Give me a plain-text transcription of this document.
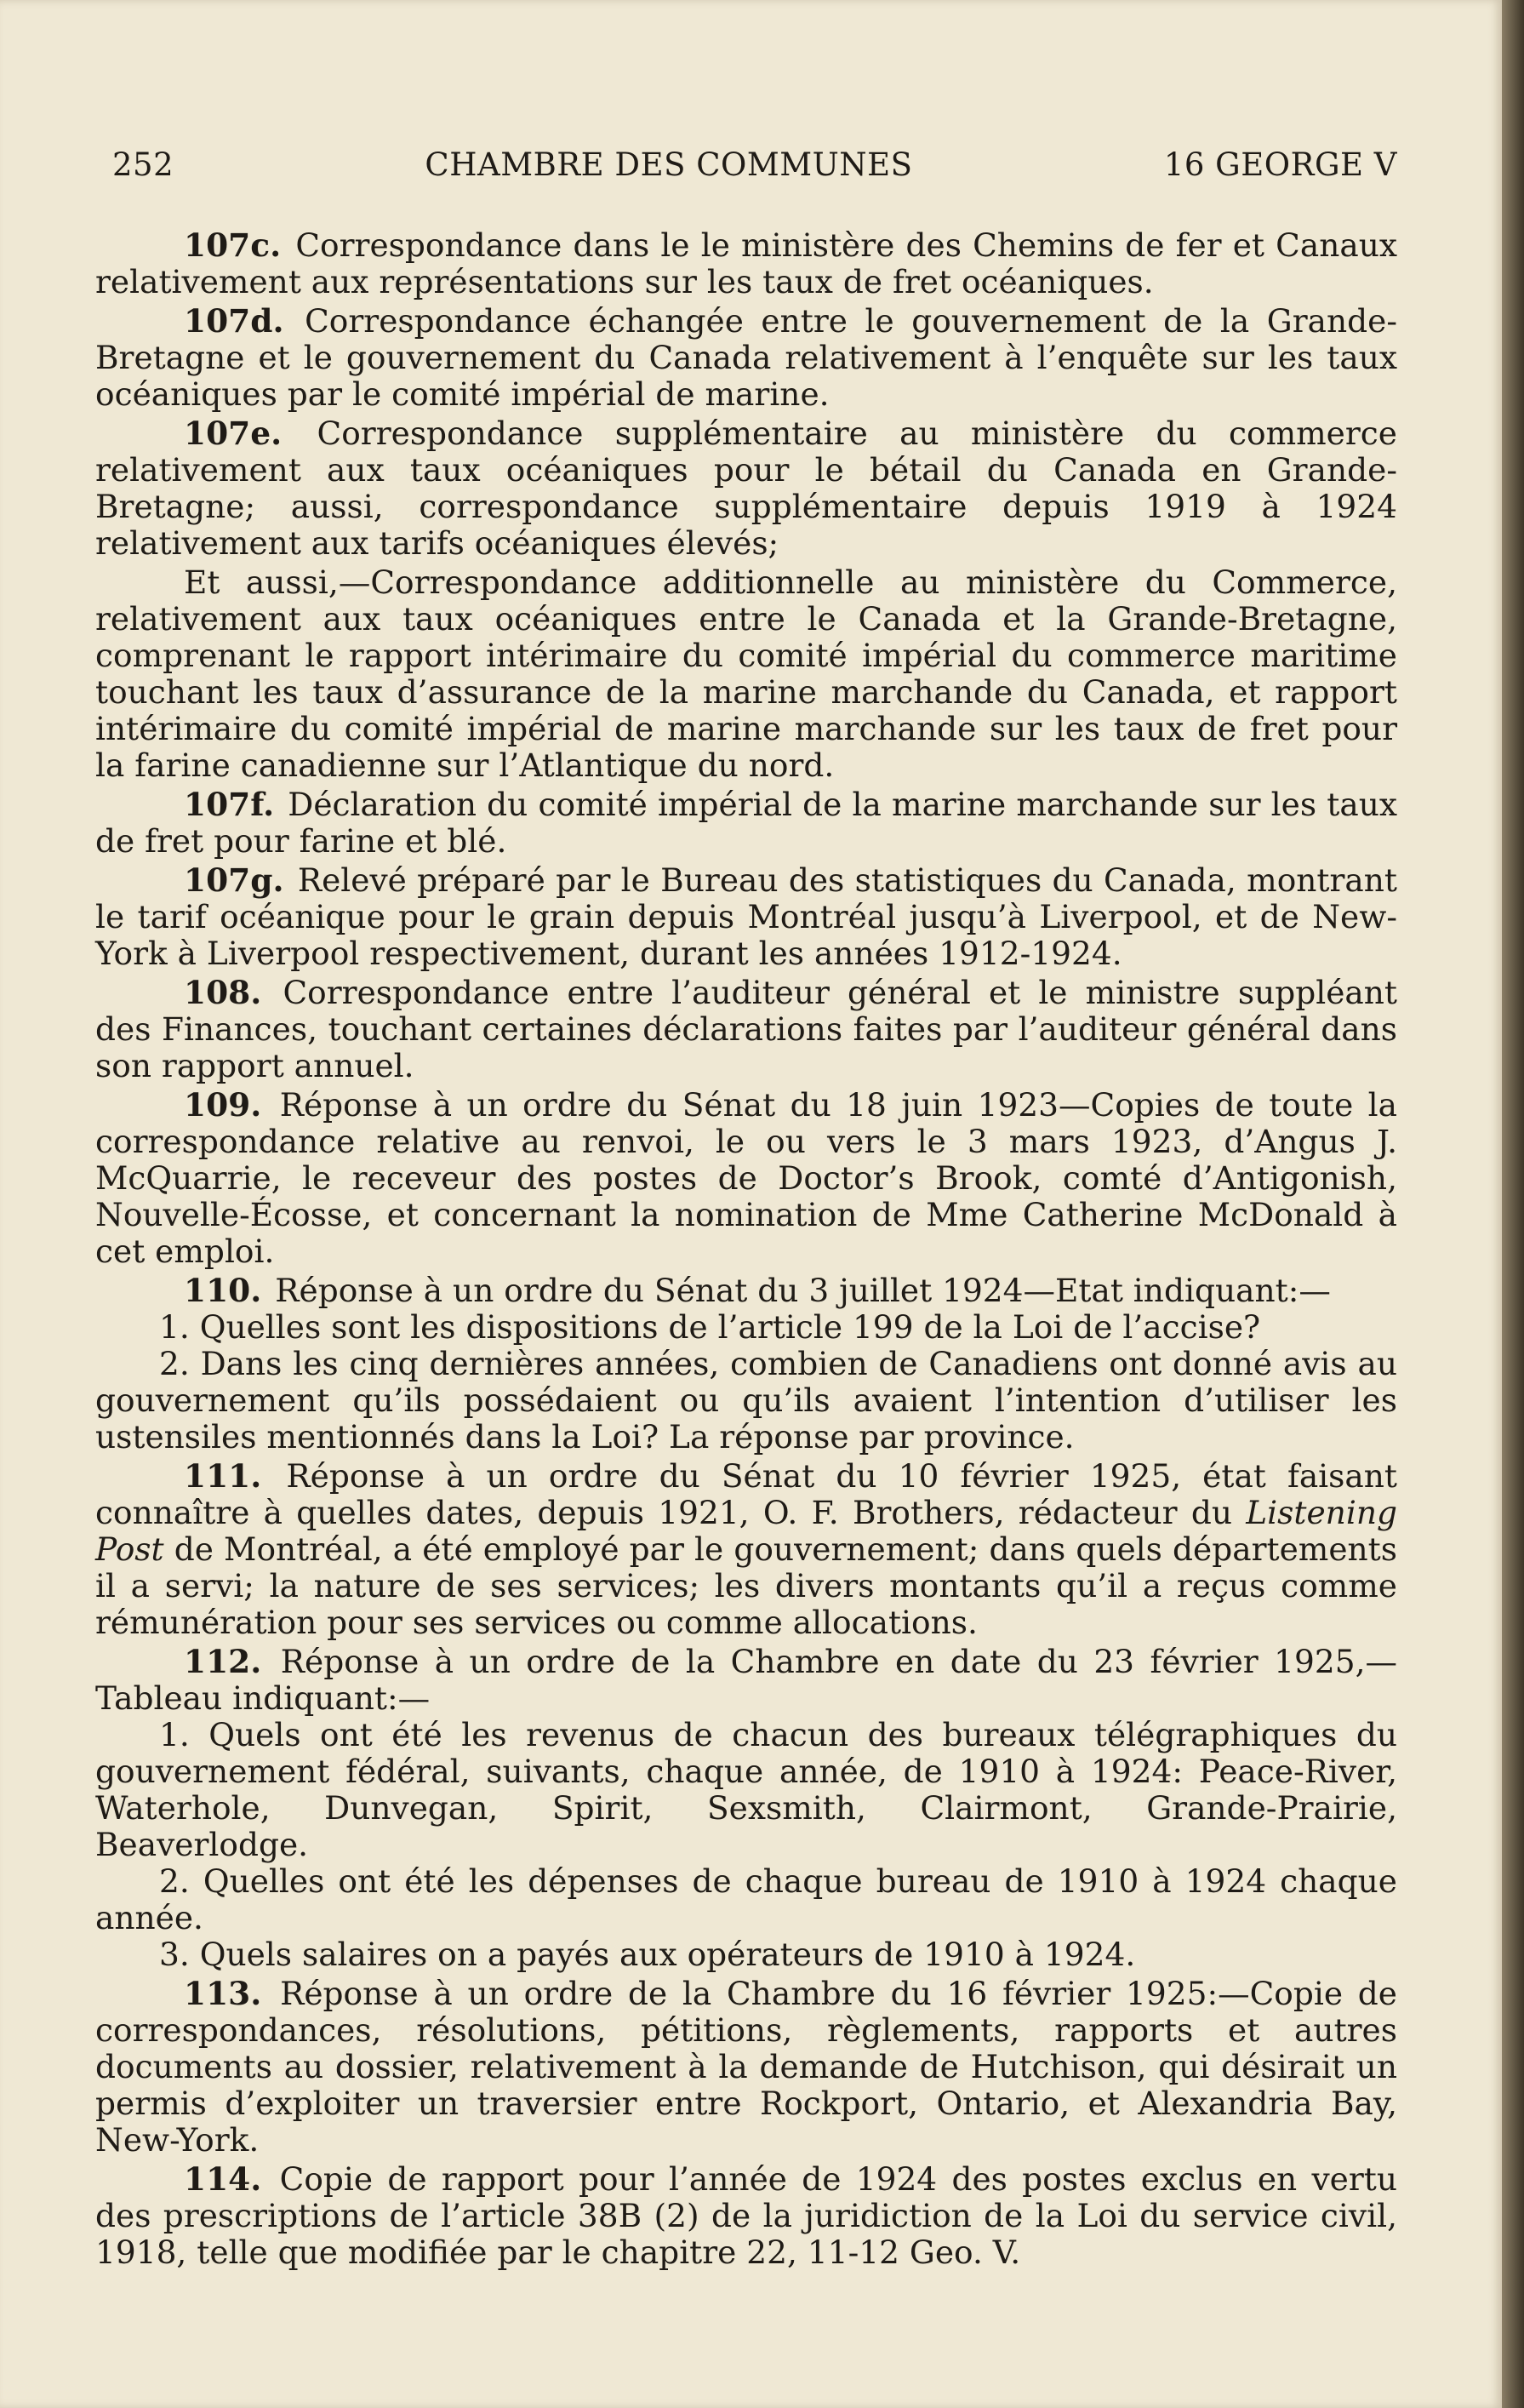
252	CHAMBRE DES COMMUNES	16 GEORGE V

107c. Correspondance dans le le ministère des Chemins de fer et Canaux relativement aux représentations sur les taux de fret océaniques.

107d. Correspondance échangée entre le gouvernement de la Grande-Bretagne et le gouvernement du Canada relativement à l’enquête sur les taux océaniques par le comité impérial de marine.

107e. Correspondance supplémentaire au ministère du commerce relativement aux taux océaniques pour le bétail du Canada en Grande-Bretagne; aussi, correspondance supplémentaire depuis 1919 à 1924 relativement aux tarifs océaniques élevés;

Et aussi,—Correspondance additionnelle au ministère du Commerce, relativement aux taux océaniques entre le Canada et la Grande-Bretagne, comprenant le rapport intérimaire du comité impérial du commerce maritime touchant les taux d’assurance de la marine marchande du Canada, et rapport intérimaire du comité impérial de marine marchande sur les taux de fret pour la farine canadienne sur l’Atlantique du nord.

107f. Déclaration du comité impérial de la marine marchande sur les taux de fret pour farine et blé.

107g. Relevé préparé par le Bureau des statistiques du Canada, montrant le tarif océanique pour le grain depuis Montréal jusqu’à Liverpool, et de New-York à Liverpool respectivement, durant les années 1912-1924.

108. Correspondance entre l’auditeur général et le ministre suppléant des Finances, touchant certaines déclarations faites par l’auditeur général dans son rapport annuel.

109. Réponse à un ordre du Sénat du 18 juin 1923—Copies de toute la correspondance relative au renvoi, le ou vers le 3 mars 1923, d’Angus J. McQuarrie, le receveur des postes de Doctor’s Brook, comté d’Antigonish, Nouvelle-Écosse, et concernant la nomination de Mme Catherine McDonald à cet emploi.

110. Réponse à un ordre du Sénat du 3 juillet 1924—Etat indiquant:—

1. Quelles sont les dispositions de l’article 199 de la Loi de l’accise?

2. Dans les cinq dernières années, combien de Canadiens ont donné avis au gouvernement qu’ils possédaient ou qu’ils avaient l’intention d’utiliser les ustensiles mentionnés dans la Loi? La réponse par province.

111. Réponse à un ordre du Sénat du 10 février 1925, état faisant connaître à quelles dates, depuis 1921, O. F. Brothers, rédacteur du Listening Post de Montréal, a été employé par le gouvernement; dans quels départements il a servi; la nature de ses services; les divers montants qu’il a reçus comme rémunération pour ses services ou comme allocations.

112. Réponse à un ordre de la Chambre en date du 23 février 1925,—Tableau indiquant:—

1. Quels ont été les revenus de chacun des bureaux télégraphiques du gouvernement fédéral, suivants, chaque année, de 1910 à 1924: Peace-River, Waterhole, Dunvegan, Spirit, Sexsmith, Clairmont, Grande-Prairie, Beaverlodge.

2. Quelles ont été les dépenses de chaque bureau de 1910 à 1924 chaque année.

3. Quels salaires on a payés aux opérateurs de 1910 à 1924.

113. Réponse à un ordre de la Chambre du 16 février 1925:—Copie de correspondances, résolutions, pétitions, règlements, rapports et autres documents au dossier, relativement à la demande de Hutchison, qui désirait un permis d’exploiter un traversier entre Rockport, Ontario, et Alexandria Bay, New-York.

114. Copie de rapport pour l’année de 1924 des postes exclus en vertu des prescriptions de l’article 38B (2) de la juridiction de la Loi du service civil, 1918, telle que modifiée par le chapitre 22, 11-12 Geo. V.
